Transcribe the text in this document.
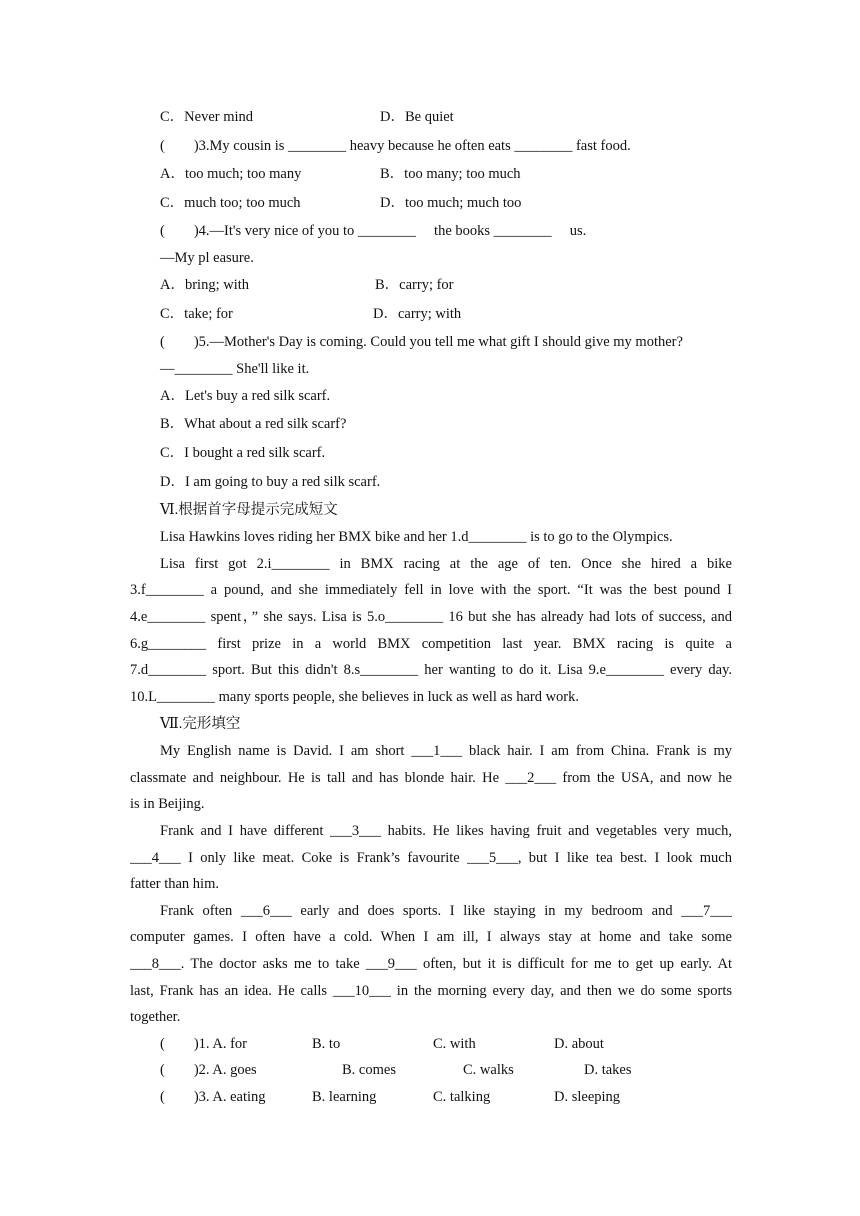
C．Never mind	D．Be quiet
(　　)3.My cousin is ________ heavy because he often eats ________ fast food.
A．too much; too many	B．too many; too much
C．much too; too much	D．too much; much too
(　　)4.—It's very nice of you to ________　 the books ________　 us.
—My pl easure.
A．bring; with	B．carry; for
C．take; for	D．carry; with
(　　)5.—Mother's Day is coming. Could you tell me what gift I should give my mother?
—________ She'll like it.
A．Let's buy a red silk scarf.
B．What about a red silk scarf?
C．I bought a red silk scarf.
D．I am going to buy a red silk scarf.
Ⅵ.根据首字母提示完成短文
Lisa Hawkins loves riding her BMX bike and her 1.d________ is to go to the Olympics.
Lisa first got 2.i________ in BMX racing at the age of ten. Once she hired a bike
3.f________ a pound, and she immediately fell in love with the sport. “It was the best pound I
4.e________ spent，” she says. Lisa is 5.o________ 16 but she has already had lots of success, and
6.g________ first prize in a world BMX competition last year. BMX racing is quite a
7.d________ sport. But this didn't 8.s________ her wanting to do it. Lisa 9.e________ every day.
10.L________ many sports people, she believes in luck as well as hard work.
Ⅶ.完形填空
My English name is David. I am short ___1___ black hair. I am from China. Frank is my
classmate and neighbour. He is tall and has blonde hair. He ___2___ from the USA, and now he
is in Beijing.
Frank and I have different ___3___ habits. He likes having fruit and vegetables very much,
___4___ I only like meat. Coke is Frank’s favourite ___5___, but I like tea best. I look much
fatter than him.
Frank often ___6___ early and does sports. I like staying in my bedroom and ___7___
computer games. I often have a cold. When I am ill, I always stay at home and take some
___8___. The doctor asks me to take ___9___ often, but it is difficult for me to get up early. At
last, Frank has an idea. He calls ___10___ in the morning every day, and then we do some sports
together.
(　　)1. A. for	B. to	C. with	D. about
(　　)2. A. goes	B. comes	C. walks	D. takes
(　　)3. A. eating	B. learning	C. talking	D. sleeping
